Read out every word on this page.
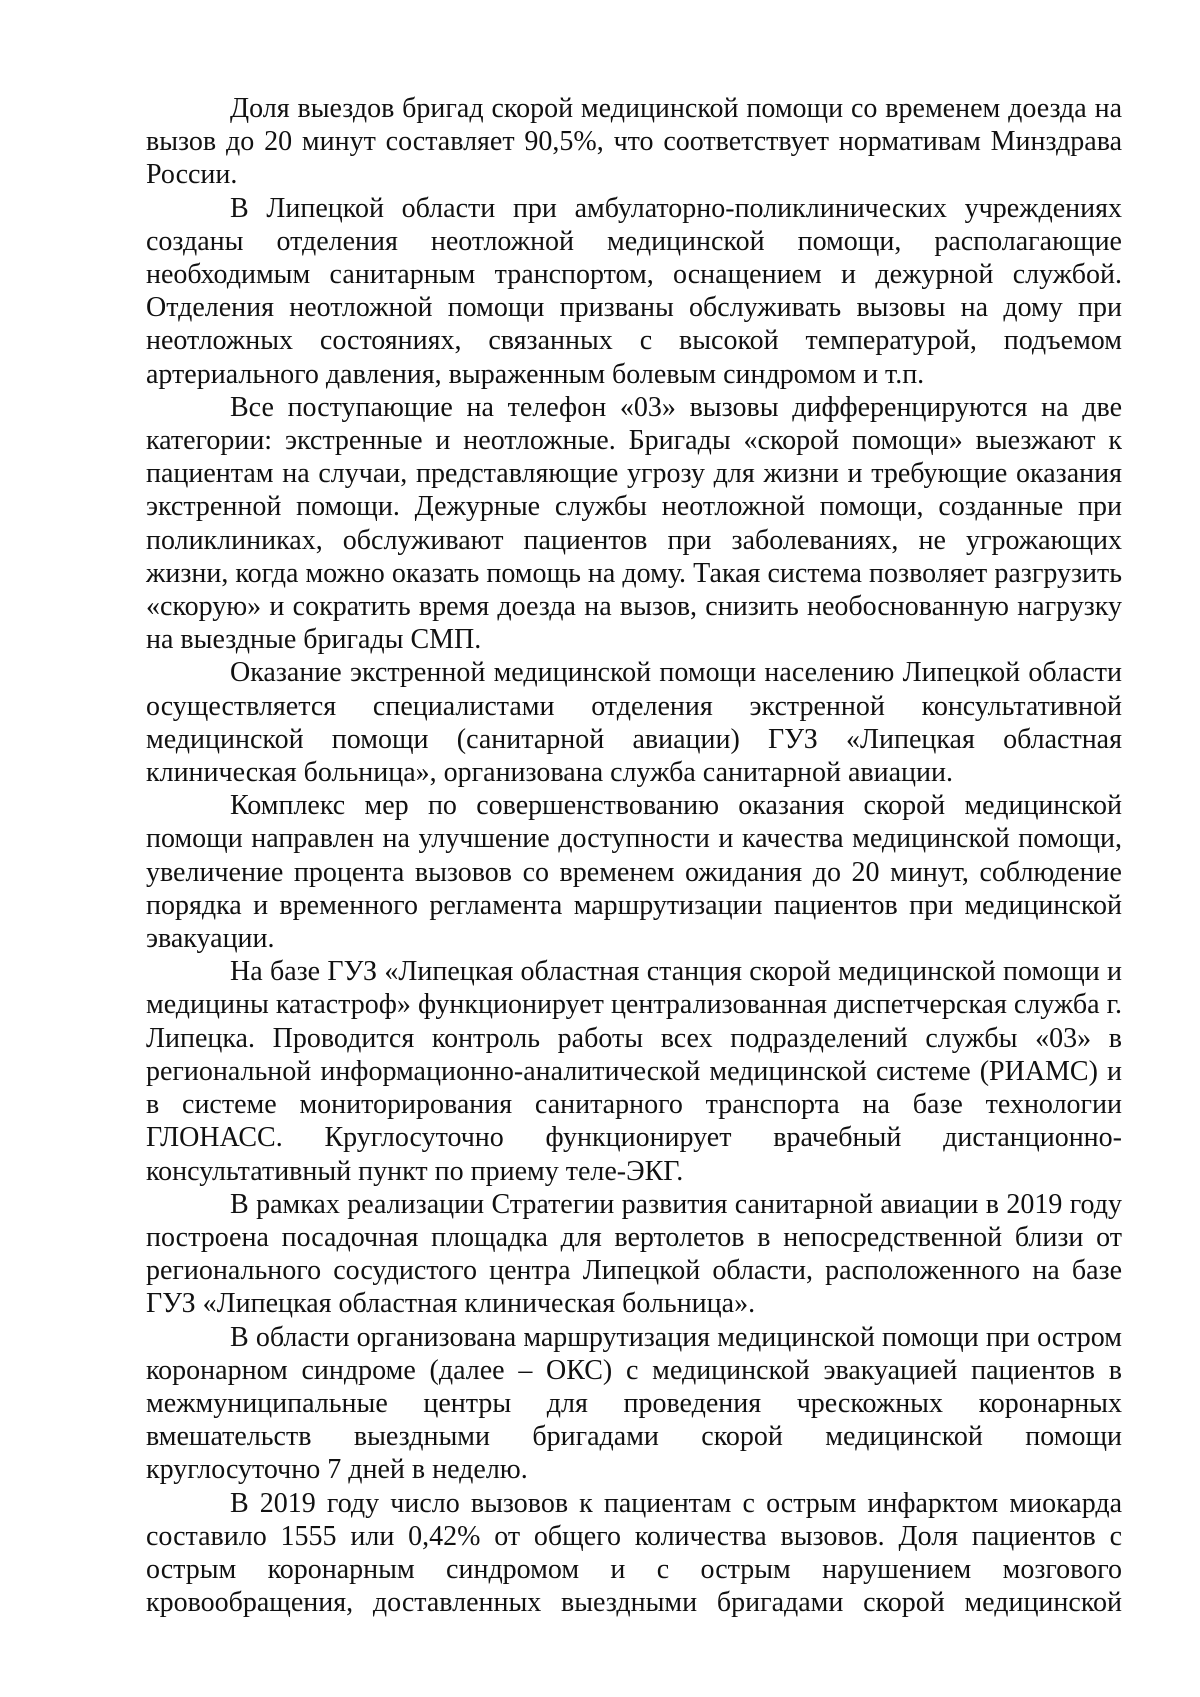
Доля выездов бригад скорой медицинской помощи со временем доезда на вызов до 20 минут составляет 90,5%, что соответствует нормативам Минздрава России.

В Липецкой области при амбулаторно-поликлинических учреждениях созданы отделения неотложной медицинской помощи, располагающие необходимым санитарным транспортом, оснащением и дежурной службой. Отделения неотложной помощи призваны обслуживать вызовы на дому при неотложных состояниях, связанных с высокой температурой, подъемом артериального давления, выраженным болевым синдромом и т.п.

Все поступающие на телефон «03» вызовы дифференцируются на две категории: экстренные и неотложные. Бригады «скорой помощи» выезжают к пациентам на случаи, представляющие угрозу для жизни и требующие оказания экстренной помощи. Дежурные службы неотложной помощи, созданные при поликлиниках, обслуживают пациентов при заболеваниях, не угрожающих жизни, когда можно оказать помощь на дому. Такая система позволяет разгрузить «скорую» и сократить время доезда на вызов, снизить необоснованную нагрузку на выездные бригады СМП.

Оказание экстренной медицинской помощи населению Липецкой области осуществляется специалистами отделения экстренной консультативной медицинской помощи (санитарной авиации) ГУЗ «Липецкая областная клиническая больница», организована служба санитарной авиации.

Комплекс мер по совершенствованию оказания скорой медицинской помощи направлен на улучшение доступности и качества медицинской помощи, увеличение процента вызовов со временем ожидания до 20 минут, соблюдение порядка и временного регламента маршрутизации пациентов при медицинской эвакуации.

На базе ГУЗ «Липецкая областная станция скорой медицинской помощи и медицины катастроф» функционирует централизованная диспетчерская служба г. Липецка. Проводится контроль работы всех подразделений службы «03» в региональной информационно-аналитической медицинской системе (РИАМС) и в системе мониторирования санитарного транспорта на базе технологии ГЛОНАСС. Круглосуточно функционирует врачебный дистанционно-консультативный пункт по приему теле-ЭКГ.

В рамках реализации Стратегии развития санитарной авиации в 2019 году построена посадочная площадка для вертолетов в непосредственной близи от регионального сосудистого центра Липецкой области, расположенного на базе ГУЗ «Липецкая областная клиническая больница».

В области организована маршрутизация медицинской помощи при остром коронарном синдроме (далее – ОКС) с медицинской эвакуацией пациентов в межмуниципальные центры для проведения чрескожных коронарных вмешательств выездными бригадами скорой медицинской помощи круглосуточно 7 дней в неделю.

В 2019 году число вызовов к пациентам с острым инфарктом миокарда составило 1555 или 0,42% от общего количества вызовов. Доля пациентов с острым коронарным синдромом и с острым нарушением мозгового кровообращения, доставленных выездными бригадами скорой медицинской
